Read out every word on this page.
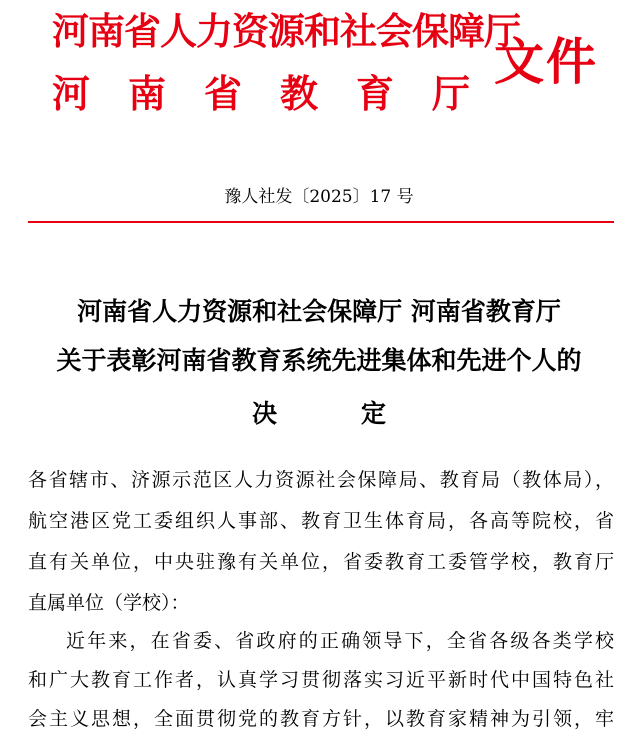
河南省人力资源和社会保障厅
河南省教育厅
文件
豫人社发〔2025〕17 号
河南省人力资源和社会保障厅 河南省教育厅
关于表彰河南省教育系统先进集体和先进个人的
决定
各省辖市、济源示范区人力资源社会保障局、教育局（教体局），
航空港区党工委组织人事部、教育卫生体育局，各高等院校，省
直有关单位，中央驻豫有关单位，省委教育工委管学校，教育厅
直属单位（学校）：
近年来，在省委、省政府的正确领导下，全省各级各类学校
和广大教育工作者，认真学习贯彻落实习近平新时代中国特色社
会主义思想，全面贯彻党的教育方针，以教育家精神为引领，牢
